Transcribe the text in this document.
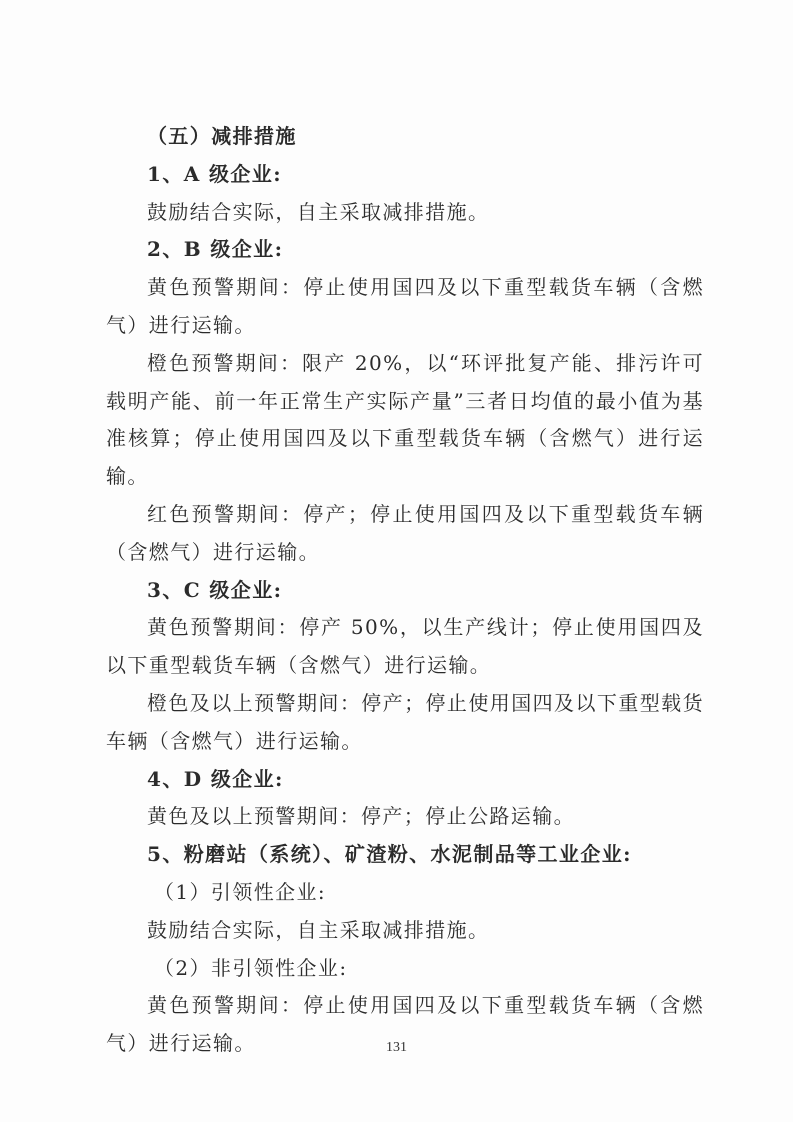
（五）减排措施

1、A 级企业:

鼓励结合实际，自主采取减排措施。

2、B 级企业:

黄色预警期间：停止使用国四及以下重型载货车辆（含燃气）进行运输。

橙色预警期间：限产 20%，以“环评批复产能、排污许可载明产能、前一年正常生产实际产量”三者日均值的最小值为基准核算；停止使用国四及以下重型载货车辆（含燃气）进行运输。

红色预警期间：停产；停止使用国四及以下重型载货车辆（含燃气）进行运输。

3、C 级企业:

黄色预警期间：停产 50%，以生产线计；停止使用国四及以下重型载货车辆（含燃气）进行运输。

橙色及以上预警期间：停产；停止使用国四及以下重型载货车辆（含燃气）进行运输。

4、D 级企业:

黄色及以上预警期间：停产；停止公路运输。

5、粉磨站（系统）、矿渣粉、水泥制品等工业企业:

（1）引领性企业:

鼓励结合实际，自主采取减排措施。

（2）非引领性企业:

黄色预警期间：停止使用国四及以下重型载货车辆（含燃气）进行运输。	131
